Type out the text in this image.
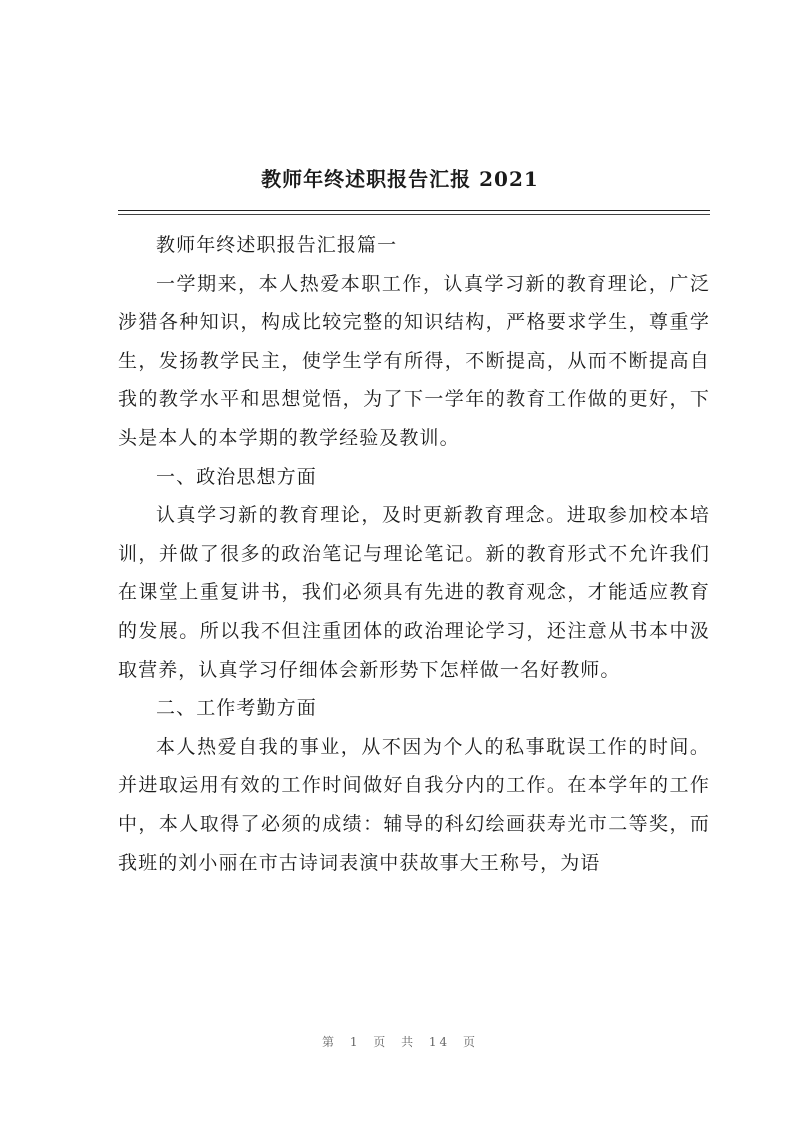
教师年终述职报告汇报 2021

教师年终述职报告汇报篇一

一学期来，本人热爱本职工作，认真学习新的教育理论，广泛涉猎各种知识，构成比较完整的知识结构，严格要求学生，尊重学生，发扬教学民主，使学生学有所得，不断提高，从而不断提高自我的教学水平和思想觉悟，为了下一学年的教育工作做的更好，下头是本人的本学期的教学经验及教训。

一、政治思想方面

认真学习新的教育理论，及时更新教育理念。进取参加校本培训，并做了很多的政治笔记与理论笔记。新的教育形式不允许我们在课堂上重复讲书，我们必须具有先进的教育观念，才能适应教育的发展。所以我不但注重团体的政治理论学习，还注意从书本中汲取营养，认真学习仔细体会新形势下怎样做一名好教师。

二、工作考勤方面

本人热爱自我的事业，从不因为个人的私事耽误工作的时间。并进取运用有效的工作时间做好自我分内的工作。在本学年的工作中，本人取得了必须的成绩：辅导的科幻绘画获寿光市二等奖，而我班的刘小丽在市古诗词表演中获故事大王称号，为语

第 1 页 共 14 页
